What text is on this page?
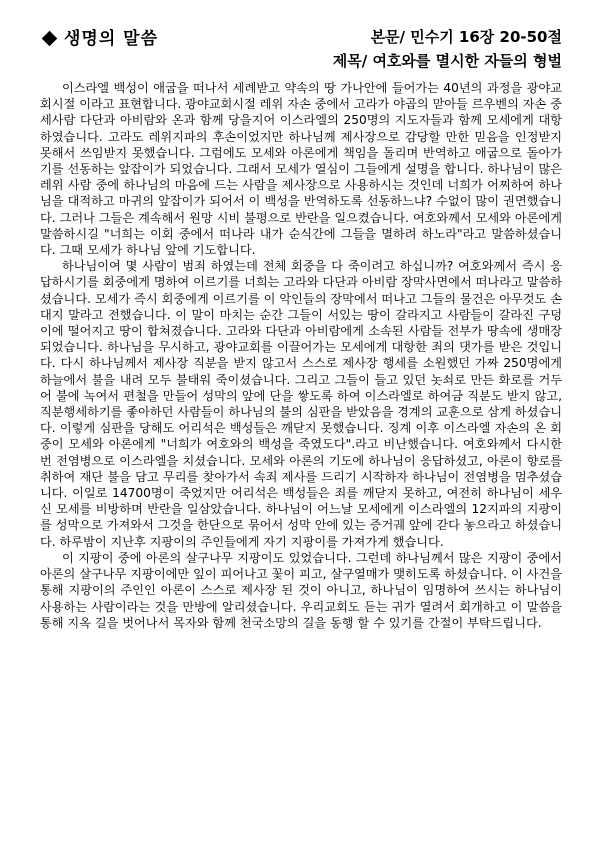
생명의 말씀	본문/ 민수기 16장 20-50절
제목/ 여호와를 멸시한 자들의 형벌

이스라엘 백성이 애굽을 떠나서 세례받고 약속의 땅 가나안에 들어가는 40년의 과정을 광야교회시절 이라고 표현합니다. 광야교회시절 레위 자손 중에서 고라가 야곱의 맏아들 르우벤의 자손 중 세사람 다단과 아비람와 온과 함께 당을지어 이스라엘의 250명의 지도자들과 함께 모세에게 대항하였습니다. 고라도 레위지파의 후손이었지만 하나님께 제사장으로 감당할 만한 믿음을 인정받지 못해서 쓰임받지 못했습니다. 그럼에도 모세와 아론에게 책임을 돌리며 반역하고 애굽으로 돌아가기를 선동하는 앞잡이가 되었습니다. 그래서 모세가 열심이 그들에게 설명을 합니다. 하나님이 많은 레위 사람 중에 하나님의 마음에 드는 사람을 제사장으로 사용하시는 것인데 너희가 어찌하여 하나님을 대적하고 마귀의 앞잡이가 되어서 이 백성을 반역하도록 선동하느냐? 수없이 많이 권면했습니다. 그러나 그들은 계속해서 원망 시비 불평으로 반란을 일으켰습니다. 여호와께서 모세와 아론에게 말씀하시길 "너희는 이회 중에서 떠나라 내가 순식간에 그들을 멸하려 하노라"라고 말씀하셨습니다. 그때 모세가 하나님 앞에 기도합니다.

하나님이여 몇 사람이 범죄 하였는데 전체 회중을 다 죽이려고 하십니까? 여호와께서 즉시 응답하시기를 회중에게 명하여 이르기를 너희는 고라와 다단과 아비람 장막사면에서 떠나라고 말씀하셨습니다. 모세가 즉시 회중에게 이르기를 이 악인들의 장막에서 떠나고 그들의 물건은 아무것도 손대지 말라고 전했습니다. 이 말이 마치는 순간 그들이 서있는 땅이 갈라지고 사람들이 갈라진 구덩이에 떨어지고 땅이 합쳐졌습니다. 고라와 다단과 아비람에게 소속된 사람들 전부가 땅속에 생매장 되었습니다. 하나님을 무시하고, 광야교회를 이끌어가는 모세에게 대항한 죄의 댓가를 받은 것입니다. 다시 하나님께서 제사장 직분을 받지 않고서 스스로 제사장 행세를 소원했던 가짜 250명에게 하늘에서 불을 내려 모두 불태워 죽이셨습니다. 그리고 그들이 들고 있던 놋쇠로 만든 화로를 거두어 불에 녹여서 편철을 만들어 성막의 앞에 단을 쌓도록 하여 이스라엘로 하여금 직분도 받지 않고, 직분행세하기를 좋아하던 사람들이 하나님의 불의 심판을 받았음을 경계의 교훈으로 삼게 하셨습니다. 이렇게 심판을 당해도 어리석은 백성들은 깨닫지 못했습니다. 징계 이후 이스라엘 자손의 온 회중이 모세와 아론에게 "너희가 여호와의 백성을 죽였도다".라고 비난했습니다. 여호와께서 다시한번 전염병으로 이스라엘을 치셨습니다. 모세와 아론의 기도에 하나님이 응답하셨고, 아론이 향로를 취하여 재단 불을 담고 무리를 찾아가서 속죄 제사를 드리기 시작하자 하나님이 전염병을 멈추셨습니다. 이일로 14700명이 죽었지만 어리석은 백성들은 죄를 깨닫지 못하고, 여전히 하나님이 세우신 모세를 비방하며 반란을 일삼았습니다. 하나님이 어느날 모세에게 이스라엘의 12지파의 지팡이를 성막으로 가져와서 그것을 한단으로 묶어서 성막 안에 있는 증거궤 앞에 갇다 놓으라고 하셨습니다. 하루밤이 지난후 지팡이의 주인들에게 자기 지팡이를 가져가게 했습니다.

이 지팡이 중에 아론의 살구나무 지팡이도 있었습니다. 그런데 하나님께서 많은 지팡이 중에서 아론의 살구나무 지팡이에만 잎이 피어나고 꽃이 피고, 살구열매가 맺히도록 하셨습니다. 이 사건을 통해 지팡이의 주인인 아론이 스스로 제사장 된 것이 아니고, 하나님이 임명하여 쓰시는 하나님이 사용하는 사람이라는 것을 만방에 알리셨습니다. 우리교회도 듣는 귀가 열려서 회개하고 이 말씀을 통해 지옥 길을 벗어나서 목자와 함께 천국소망의 길을 동행 할 수 있기를 간절이 부탁드립니다.
